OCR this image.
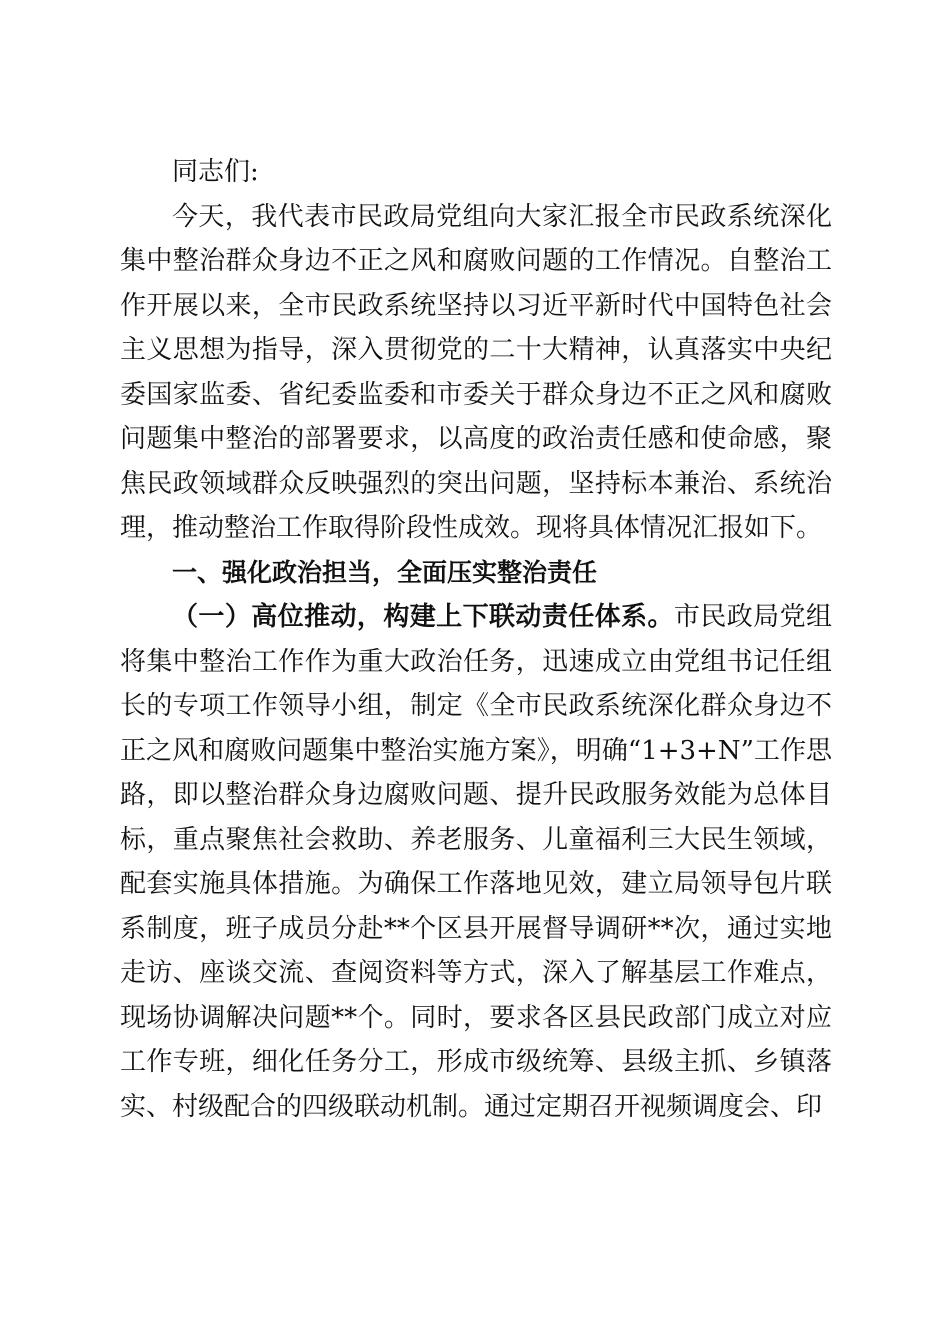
同志们:

今天，我代表市民政局党组向大家汇报全市民政系统深化集中整治群众身边不正之风和腐败问题的工作情况。自整治工作开展以来，全市民政系统坚持以习近平新时代中国特色社会主义思想为指导，深入贯彻党的二十大精神，认真落实中央纪委国家监委、省纪委监委和市委关于群众身边不正之风和腐败问题集中整治的部署要求，以高度的政治责任感和使命感，聚焦民政领域群众反映强烈的突出问题，坚持标本兼治、系统治理，推动整治工作取得阶段性成效。现将具体情况汇报如下。

一、强化政治担当，全面压实整治责任

（一）高位推动，构建上下联动责任体系。市民政局党组将集中整治工作作为重大政治任务，迅速成立由党组书记任组长的专项工作领导小组，制定《全市民政系统深化群众身边不正之风和腐败问题集中整治实施方案》，明确“1+3+N”工作思路，即以整治群众身边腐败问题、提升民政服务效能为总体目标，重点聚焦社会救助、养老服务、儿童福利三大民生领域，配套实施具体措施。为确保工作落地见效，建立局领导包片联系制度，班子成员分赴**个区县开展督导调研**次，通过实地走访、座谈交流、查阅资料等方式，深入了解基层工作难点，现场协调解决问题**个。同时，要求各区县民政部门成立对应工作专班，细化任务分工，形成市级统筹、县级主抓、乡镇落实、村级配合的四级联动机制。通过定期召开视频调度会、印
